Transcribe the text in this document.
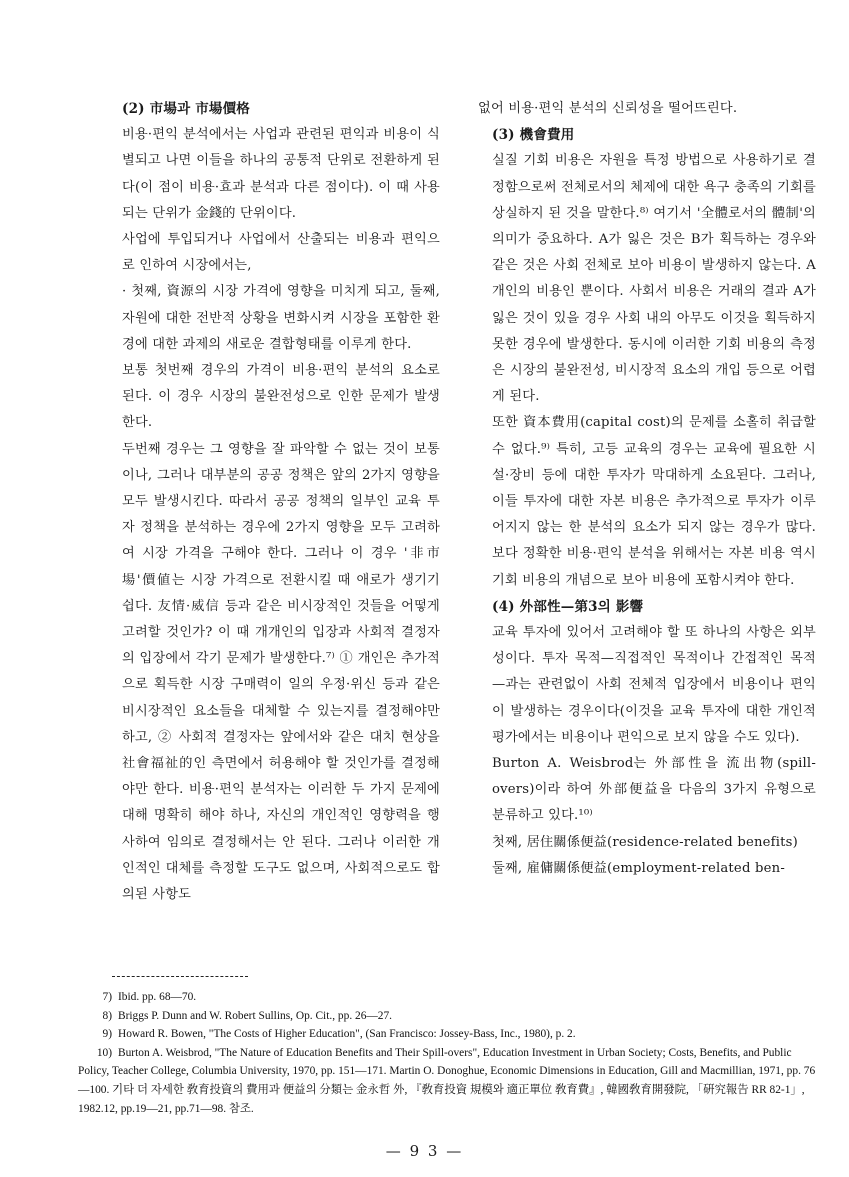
(2) 市場과 市場價格

비용·편익 분석에서는 사업과 관련된 편익과 비용이 식별되고 나면 이들을 하나의 공통적 단위로 전환하게 된다(이 점이 비용·효과 분석과 다른 점이다). 이 때 사용되는 단위가 金錢的 단위이다.

사업에 투입되거나 사업에서 산출되는 비용과 편익으로 인하여 시장에서는,

· 첫째, 資源의 시장 가격에 영향을 미치게 되고, 둘째, 자원에 대한 전반적 상황을 변화시켜 시장을 포함한 환경에 대한 과제의 새로운 결합형태를 이루게 한다.

보통 첫번째 경우의 가격이 비용·편익 분석의 요소로 된다. 이 경우 시장의 불완전성으로 인한 문제가 발생한다.

두번째 경우는 그 영향을 잘 파악할 수 없는 것이 보통이나, 그러나 대부분의 공공 정책은 앞의 2가지 영향을 모두 발생시킨다. 따라서 공공 정책의 일부인 교육 투자 정책을 분석하는 경우에 2가지 영향을 모두 고려하여 시장 가격을 구해야 한다. 그러나 이 경우 '非市場'價値는 시장 가격으로 전환시킬 때 애로가 생기기 쉽다. 友情·威信 등과 같은 비시장적인 것들을 어떻게 고려할 것인가? 이 때 개개인의 입장과 사회적 결정자의 입장에서 각기 문제가 발생한다.⁷⁾ ① 개인은 추가적으로 획득한 시장 구매력이 일의 우정·위신 등과 같은 비시장적인 요소들을 대체할 수 있는지를 결정해야만 하고, ② 사회적 결정자는 앞에서와 같은 대치 현상을 社會福祉的인 측면에서 허용해야 할 것인가를 결정해야만 한다. 비용·편익 분석자는 이러한 두 가지 문제에 대해 명확히 해야 하나, 자신의 개인적인 영향력을 행사하여 임의로 결정해서는 안 된다. 그러나 이러한 개인적인 대체를 측정할 도구도 없으며, 사회적으로도 합의된 사항도

없어 비용·편익 분석의 신뢰성을 떨어뜨린다.

(3) 機會費用

실질 기회 비용은 자원을 특정 방법으로 사용하기로 결정함으로써 전체로서의 체제에 대한 욕구 충족의 기회를 상실하지 된 것을 말한다.⁸⁾ 여기서 '全體로서의 體制'의 의미가 중요하다. A가 잃은 것은 B가 획득하는 경우와 같은 것은 사회 전체로 보아 비용이 발생하지 않는다. A 개인의 비용인 뿐이다. 사회서 비용은 거래의 결과 A가 잃은 것이 있을 경우 사회 내의 아무도 이것을 획득하지 못한 경우에 발생한다. 동시에 이러한 기회 비용의 측정은 시장의 불완전성, 비시장적 요소의 개입 등으로 어렵게 된다.

또한 資本費用(capital cost)의 문제를 소홀히 취급할 수 없다.⁹⁾ 특히, 고등 교육의 경우는 교육에 필요한 시설·장비 등에 대한 투자가 막대하게 소요된다. 그러나, 이들 투자에 대한 자본 비용은 추가적으로 투자가 이루어지지 않는 한 분석의 요소가 되지 않는 경우가 많다. 보다 정확한 비용·편익 분석을 위해서는 자본 비용 역시 기회 비용의 개념으로 보아 비용에 포함시켜야 한다.

(4) 外部性—第3의 影響

교육 투자에 있어서 고려해야 할 또 하나의 사항은 외부성이다. 투자 목적—직접적인 목적이나 간접적인 목적—과는 관련없이 사회 전체적 입장에서 비용이나 편익이 발생하는 경우이다(이것을 교육 투자에 대한 개인적 평가에서는 비용이나 편익으로 보지 않을 수도 있다).

Burton A. Weisbrod는 外部性을 流出物(spill-overs)이라 하여 外部便益을 다음의 3가지 유형으로 분류하고 있다.¹⁰⁾

첫째, 居住關係便益(residence-related benefits)

둘째, 雇傭關係便益(employment-related ben-

7) Ibid. pp. 68—70.

8) Briggs P. Dunn and W. Robert Sullins, Op. Cit., pp. 26—27.

9) Howard R. Bowen, "The Costs of Higher Education", (San Francisco: Jossey-Bass, Inc., 1980), p. 2.

10) Burton A. Weisbrod, "The Nature of Education Benefits and Their Spill-overs", Education Investment in Urban Society; Costs, Benefits, and Public Policy, Teacher College, Columbia University, 1970, pp. 151—171. Martin O. Donoghue, Economic Dimensions in Education, Gill and Macmillian, 1971, pp. 76—100. 기타 더 자세한 敎育投資의 費用과 便益의 分類는 金永哲 外, 『敎育投資 規模와 適正單位 敎育費』, 韓國敎育開發院, 「硏究報告 RR 82-1」, 1982.12, pp.19—21, pp.71—98. 참조.

— 9 3 —
